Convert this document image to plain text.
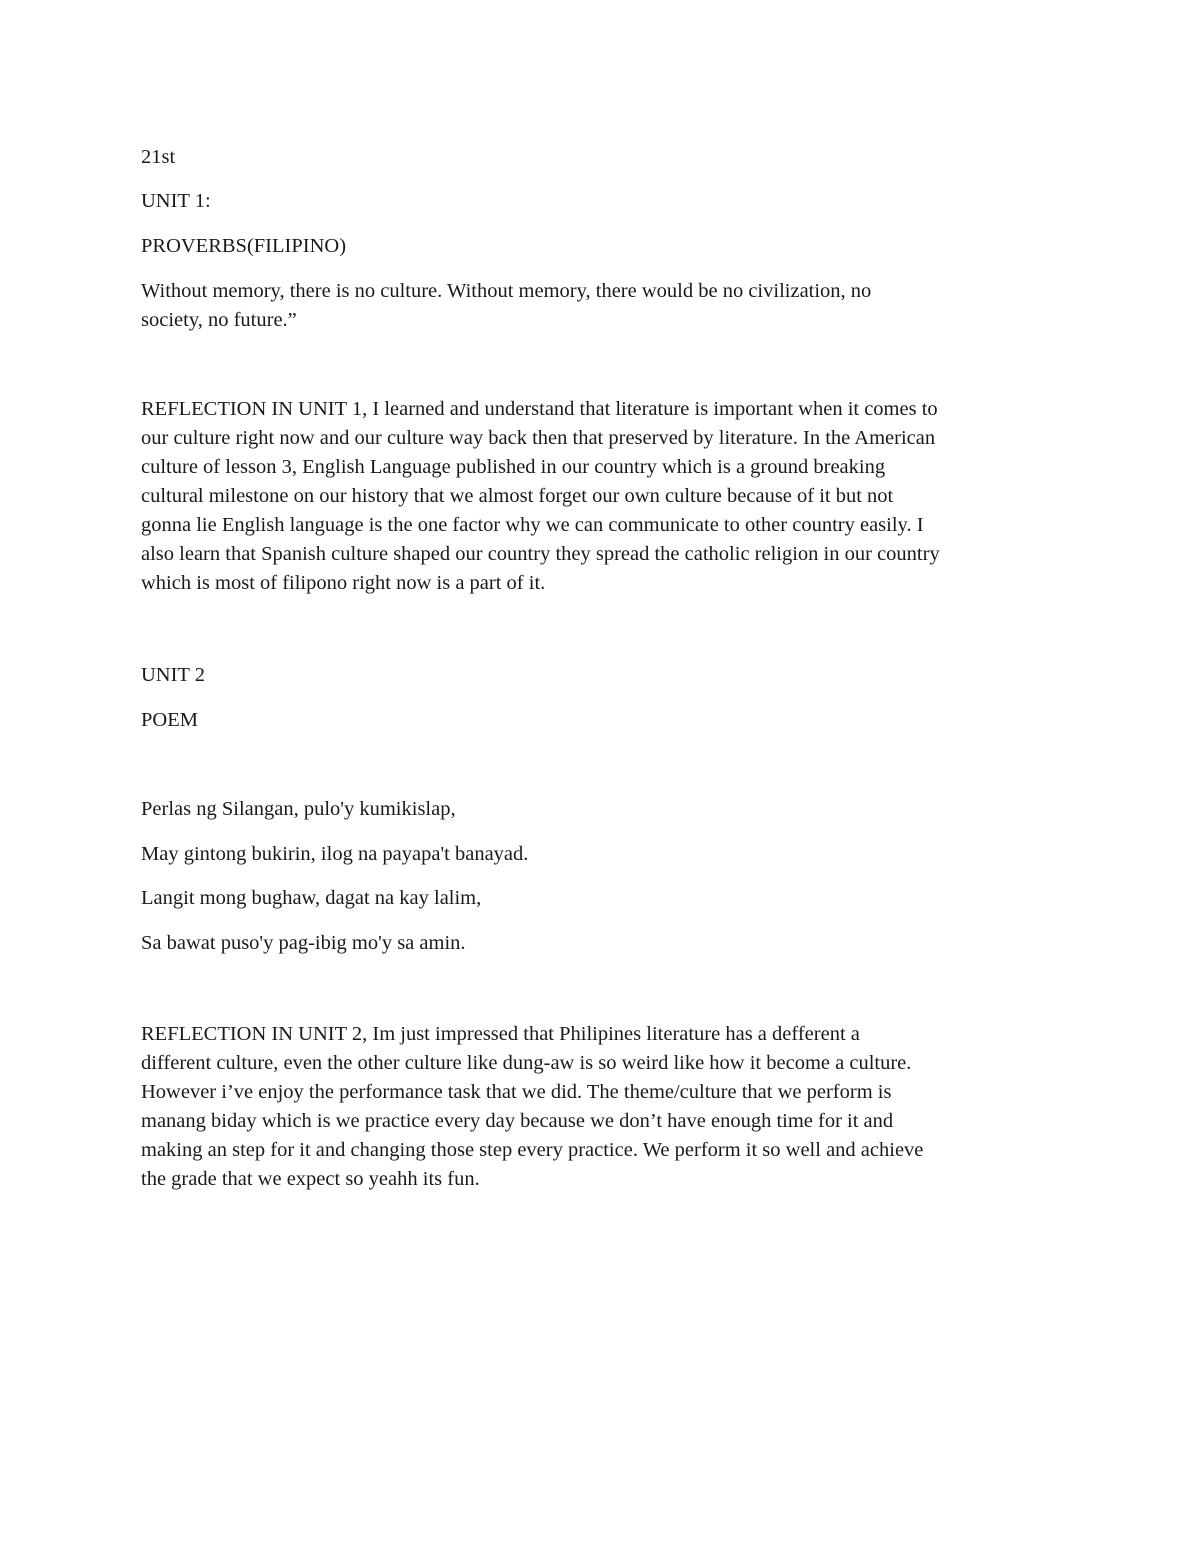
21st

UNIT 1:

PROVERBS(FILIPINO)

Without memory, there is no culture. Without memory, there would be no civilization, no
society, no future.”
REFLECTION IN UNIT 1, I learned and understand that literature is important when it comes to
our culture right now and our culture way back then that preserved by literature. In the American
culture of lesson 3, English Language published in our country which is a ground breaking
cultural milestone on our history that we almost forget our own culture because of it but not
gonna lie English language is the one factor why we can communicate to other country easily. I
also learn that Spanish culture shaped our country they spread the catholic religion in our country
which is most of filipono right now is a part of it.

UNIT 2

POEM

Perlas ng Silangan, pulo'y kumikislap,

May gintong bukirin, ilog na payapa't banayad.

Langit mong bughaw, dagat na kay lalim,

Sa bawat puso'y pag-ibig mo'y sa amin.

REFLECTION IN UNIT 2, Im just impressed that Philipines literature has a defferent a
different culture, even the other culture like dung-aw is so weird like how it become a culture.
However i’ve enjoy the performance task that we did. The theme/culture that we perform is
manang biday which is we practice every day because we don’t have enough time for it and
making an step for it and changing those step every practice. We perform it so well and achieve
the grade that we expect so yeahh its fun.
